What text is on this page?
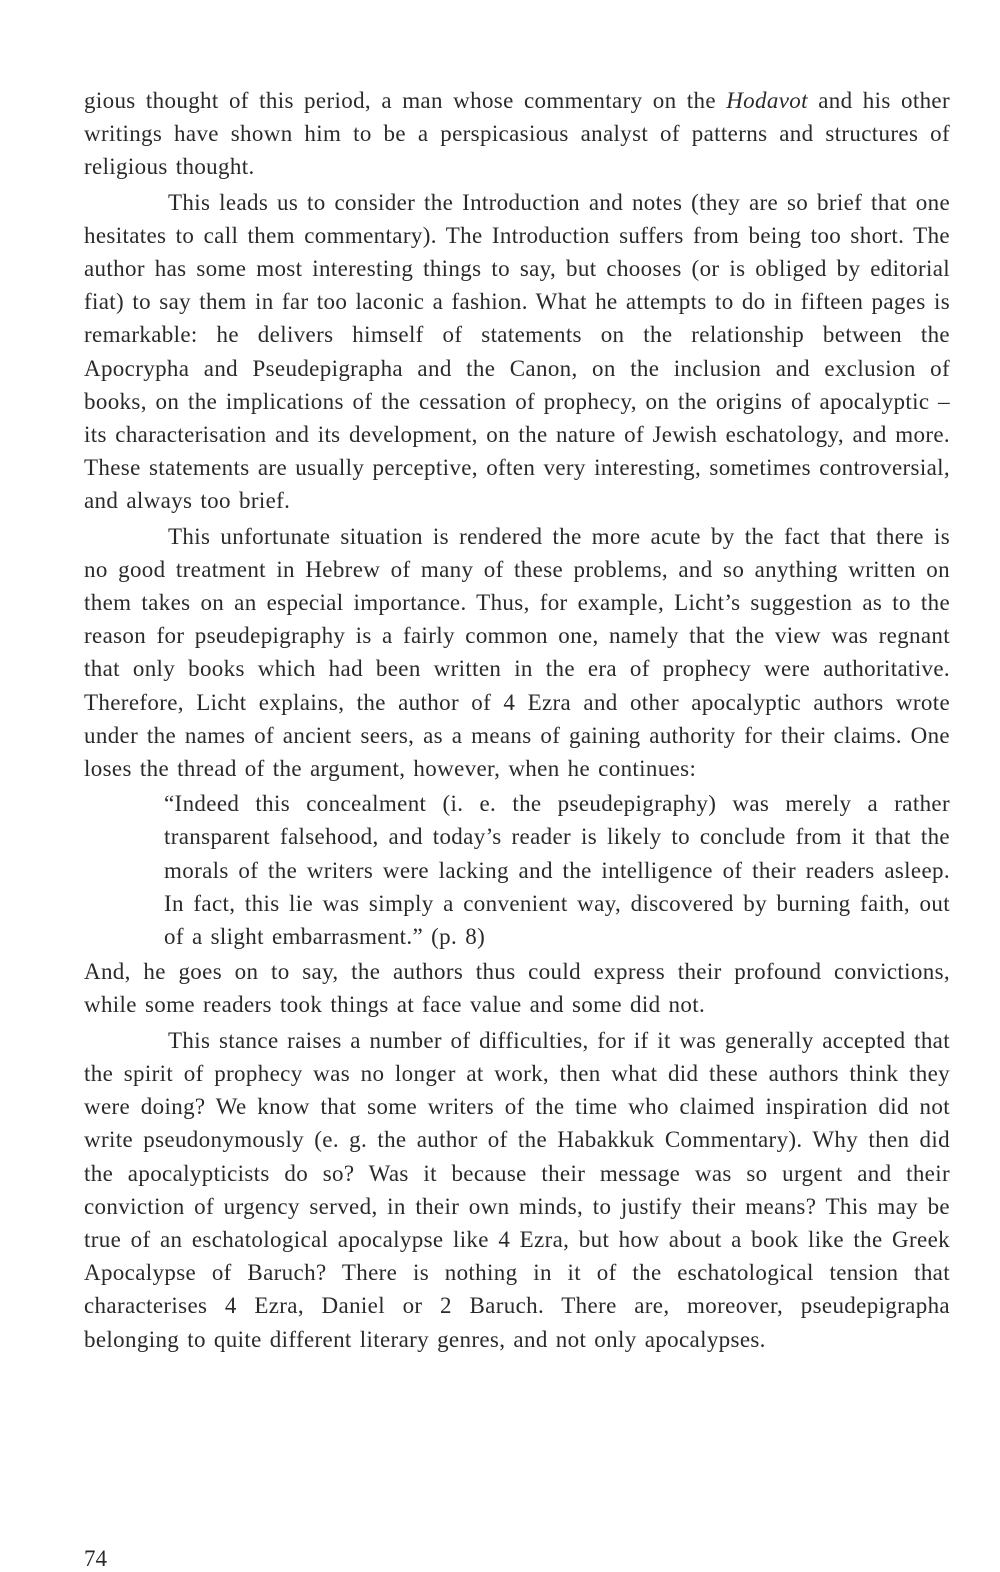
gious thought of this period, a man whose commentary on the Hodavot and his other writings have shown him to be a perspicasious analyst of patterns and structures of religious thought.

This leads us to consider the Introduction and notes (they are so brief that one hesitates to call them commentary). The Introduction suffers from being too short. The author has some most interesting things to say, but chooses (or is obliged by editorial fiat) to say them in far too laconic a fashion. What he attempts to do in fifteen pages is remarkable: he delivers himself of statements on the relationship between the Apocrypha and Pseudepigrapha and the Canon, on the inclusion and exclusion of books, on the implications of the cessation of prophecy, on the origins of apocalyptic – its characterisation and its development, on the nature of Jewish eschatology, and more. These statements are usually perceptive, often very interesting, sometimes controversial, and always too brief.

This unfortunate situation is rendered the more acute by the fact that there is no good treatment in Hebrew of many of these problems, and so anything written on them takes on an especial importance. Thus, for example, Licht’s suggestion as to the reason for pseudepigraphy is a fairly common one, namely that the view was regnant that only books which had been written in the era of prophecy were authoritative. Therefore, Licht explains, the author of 4 Ezra and other apocalyptic authors wrote under the names of ancient seers, as a means of gaining authority for their claims. One loses the thread of the argument, however, when he continues:

“Indeed this concealment (i. e. the pseudepigraphy) was merely a rather transparent falsehood, and today’s reader is likely to conclude from it that the morals of the writers were lacking and the intelligence of their readers asleep. In fact, this lie was simply a convenient way, discovered by burning faith, out of a slight embarrasment.” (p. 8)

And, he goes on to say, the authors thus could express their profound convictions, while some readers took things at face value and some did not.

This stance raises a number of difficulties, for if it was generally accepted that the spirit of prophecy was no longer at work, then what did these authors think they were doing? We know that some writers of the time who claimed inspiration did not write pseudonymously (e. g. the author of the Habakkuk Commentary). Why then did the apocalypticists do so? Was it because their message was so urgent and their conviction of urgency served, in their own minds, to justify their means? This may be true of an eschatological apocalypse like 4 Ezra, but how about a book like the Greek Apocalypse of Baruch? There is nothing in it of the eschatological tension that characterises 4 Ezra, Daniel or 2 Baruch. There are, moreover, pseudepigrapha belonging to quite different literary genres, and not only apocalypses.

74
